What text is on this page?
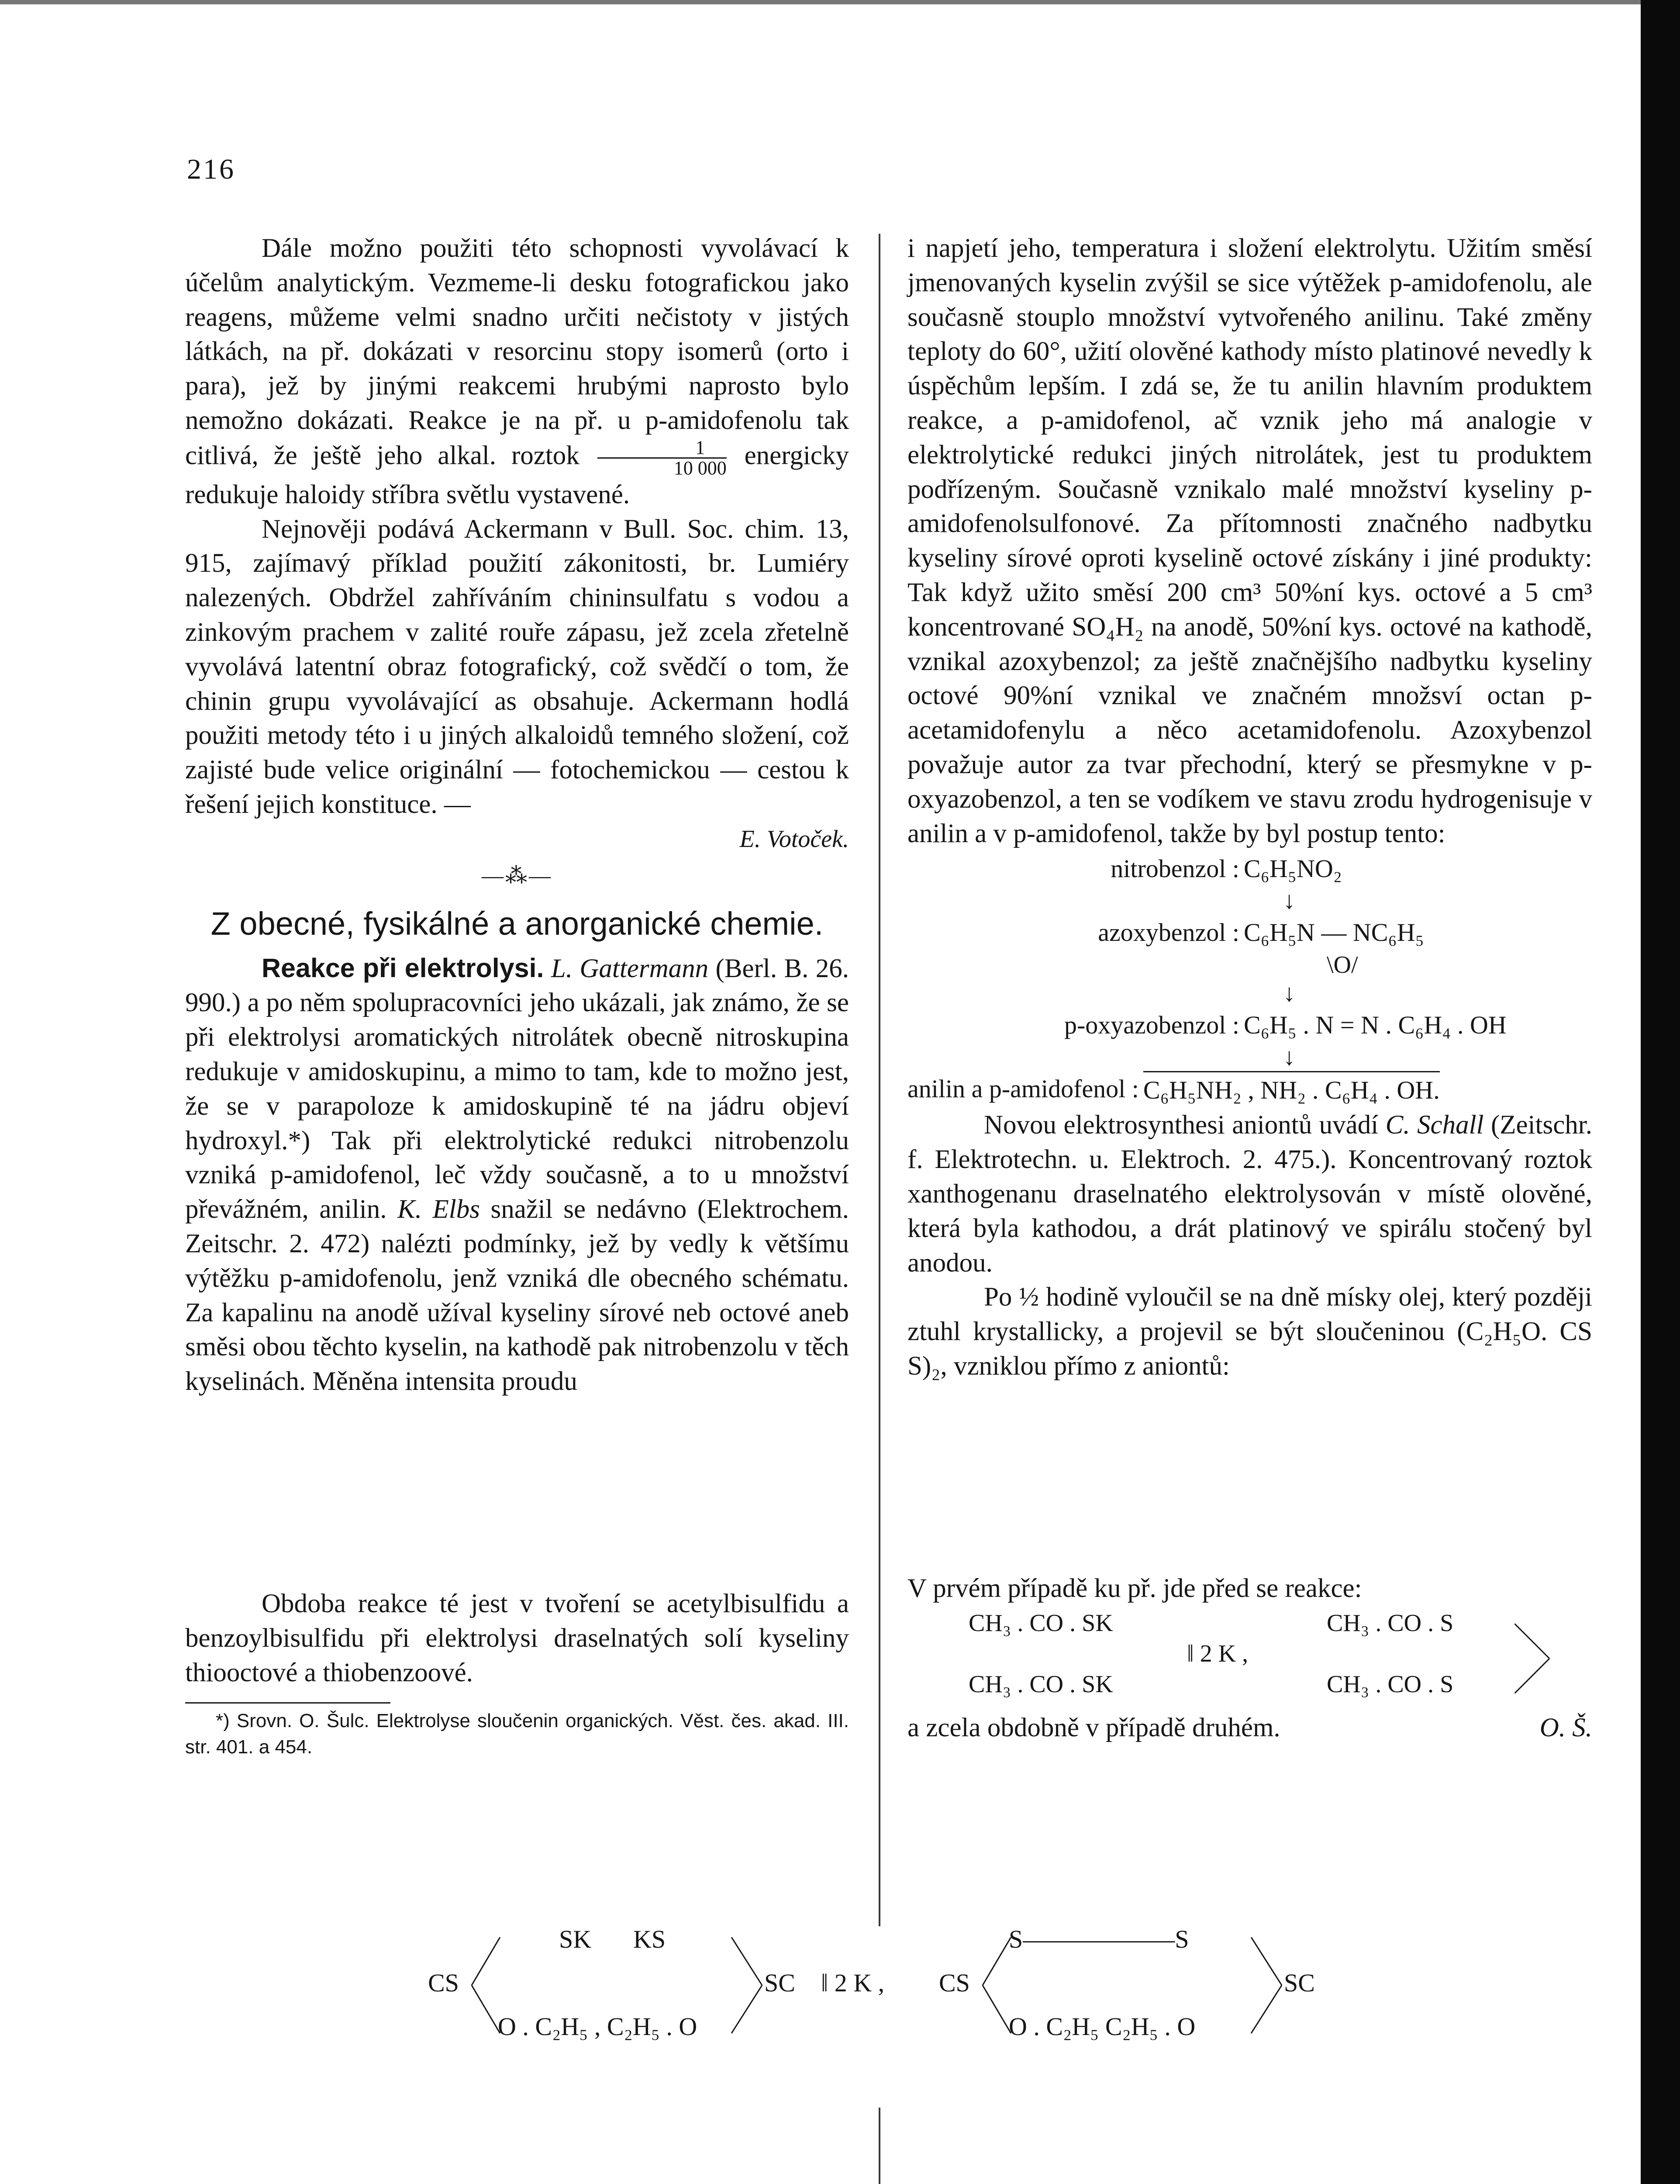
216

Dále možno použiti této schopnosti vyvolávací k účelům analytickým. Vezmeme-li desku fotografickou jako reagens, můžeme velmi snadno určiti nečistoty v jistých látkách, na př. dokázati v resorcinu stopy isomerů (orto i para), jež by jinými reakcemi hrubými naprosto bylo nemožno dokázati. Reakce je na př. u p-amidofenolu tak citlivá, že ještě jeho alkal. roztok $\frac{1}{10 000}$ energicky redukuje haloidy stříbra světlu vystavené.

Nejnověji podává Ackermann v Bull. Soc. chim. 13, 915, zajímavý příklad použití zákonitosti, br. Lumiéry nalezených. Obdržel zahříváním chininsulfatu s vodou a zinkovým prachem v zalité rouře zápasu, jež zcela zřetelně vyvolává latentní obraz fotografický, což svědčí o tom, že chinin grupu vyvolávající as obsahuje. Ackermann hodlá použiti metody této i u jiných alkaloidů temného složení, což zajisté bude velice originální — fotochemickou — cestou k řešení jejich konstituce. —

E. Votoček.
—⁂—
Z obecné, fysikálné a anorganické chemie.

Reakce při elektrolysi. L. Gattermann (Berl. B. 26. 990.) a po něm spolupracovníci jeho ukázali, jak známo, že se při elektrolysi aromatických nitrolátek obecně nitroskupina redukuje v amidoskupinu, a mimo to tam, kde to možno jest, že se v parapoloze k amidoskupině té na jádru objeví hydroxyl.*) Tak při elektrolytické redukci nitrobenzolu vzniká p-amidofenol, leč vždy současně, a to u množství převážném, anilin. K. Elbs snažil se nedávno (Elektrochem. Zeitschr. 2. 472) nalézti podmínky, jež by vedly k většímu výtěžku p-amidofenolu, jenž vzniká dle obecného schématu. Za kapalinu na anodě užíval kyseliny sírové neb octové aneb směsi obou těchto kyselin, na kathodě pak nitrobenzolu v těch kyselinách. Měněna intensita proudu

Obdoba reakce té jest v tvoření se acetylbisulfidu a benzoylbisulfidu při elektrolysi draselnatých solí kyseliny thiooctové a thiobenzoové.

*) Srovn. O. Šulc. Elektrolyse sloučenin organických. Věst. čes. akad. III. str. 401. a 454.

i napjetí jeho, temperatura i složení elektrolytu. Užitím směsí jmenovaných kyselin zvýšil se sice výtěžek p-amidofenolu, ale současně stouplo množství vytvořeného anilinu. Také změny teploty do 60°, užití olověné kathody místo platinové nevedly k úspěchům lepším. I zdá se, že tu anilin hlavním produktem reakce, a p-amidofenol, ač vznik jeho má analogie v elektrolytické redukci jiných nitrolátek, jest tu produktem podřízeným. Současně vznikalo malé množství kyseliny p-amidofenolsulfonové. Za přítomnosti značného nadbytku kyseliny sírové oproti kyselině octové získány i jiné produkty: Tak když užito směsí 200 cm³ 50%ní kys. octové a 5 cm³ koncentrované SO₄H₂ na anodě, 50%ní kys. octové na kathodě, vznikal azoxybenzol; za ještě značnějšího nadbytku kyseliny octové 90%ní vznikal ve značném množsví octan p-acetamidofenylu a něco acetamidofenolu. Azoxybenzol považuje autor za tvar přechodní, který se přesmykne v p-oxyazobenzol, a ten se vodíkem ve stavu zrodu hydrogenisuje v anilin a v p-amidofenol, takže by byl postup tento:

nitrobenzol : C₆H₅NO₂
↓
azoxybenzol : C₆H₅N — NC₆H₅
\O/
↓
p-oxyazobenzol : C₆H₅ . N = N . C₆H₄ . OH
↓
anilin a p-amidofenol : C₆H₅NH₂ , NH₂ . C₆H₄ . OH.

Novou elektrosynthesi aniontů uvádí C. Schall (Zeitschr. f. Elektrotechn. u. Elektroch. 2. 475.). Koncentrovaný roztok xanthogenanu draselnatého elektrolysován v místě olověné, která byla kathodou, a drát platinový ve spirálu stočený byl anodou.

Po ½ hodině vyloučil se na dně mísky olej, který později ztuhl krystallicky, a projevil se být sloučeninou (C₂H₅O. CS S)₂, vzniklou přímo z aniontů:

V prvém případě ku př. jde před se reakce:

CH₃ . CO . SK
CH₃ . CO . SK
‖ 2 K ,
CH₃ . CO . S
CH₃ . CO . S
a zcela obdobně v případě druhém.	O. Š.
SK KS
CS
O . C₂H₅ , C₂H₅ . O
SC ‖ 2 K , CS
S——————S
O . C₂H₅ C₂H₅ . O
SC
